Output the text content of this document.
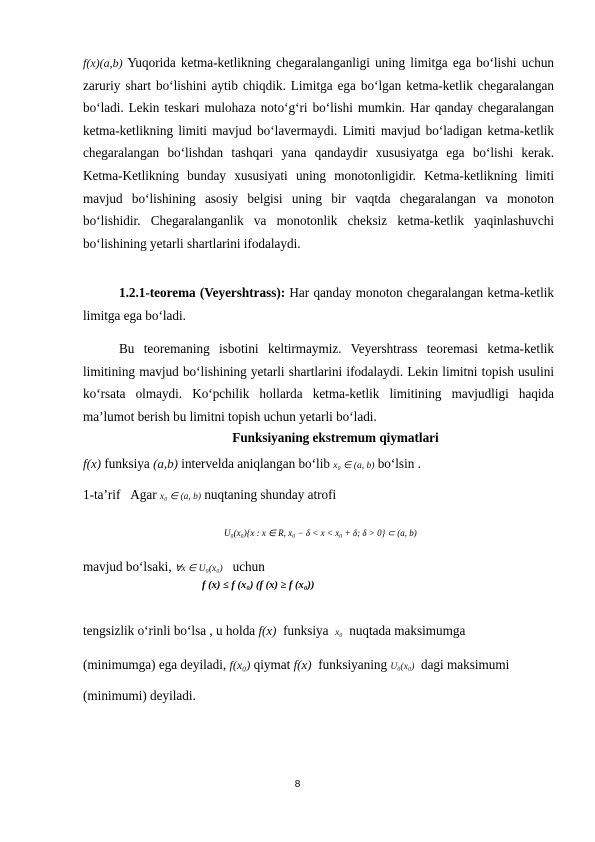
f(x)(a,b) Yuqorida ketma-ketlikning chegaralanganligi uning limitga ega bo‘lishi uchun zaruriy shart bo‘lishini aytib chiqdik. Limitga ega bo‘lgan ketma-ketlik chegaralangan bo‘ladi. Lekin teskari mulohaza noto‘g‘ri bo‘lishi mumkin. Har qanday chegaralangan ketma-ketlikning limiti mavjud bo‘lavermaydi. Limiti mavjud bo‘ladigan ketma-ketlik chegaralangan bo‘lishdan tashqari yana qandaydir xususiyatga ega bo‘lishi kerak. Ketma-Ketlikning bunday xususiyati uning monotonligidir. Ketma-ketlikning limiti mavjud bo‘lishining asosiy belgisi uning bir vaqtda chegaralangan va monoton bo‘lishidir. Chegaralanganlik va monotonlik cheksiz ketma-ketlik yaqinlashuvchi bo‘lishining yetarli shartlarini ifodalaydi.
1.2.1-teorema (Veyershtrass): Har qanday monoton chegaralangan ketma-ketlik limitga ega bo‘ladi.
Bu teoremaning isbotini keltirmaymiz. Veyershtrass teoremasi ketma-ketlik limitining mavjud bo‘lishining yetarli shartlarini ifodalaydi. Lekin limitni topish usulini ko‘rsata olmaydi. Ko‘pchilik hollarda ketma-ketlik limitining mavjudligi haqida ma’lumot berish bu limitni topish uchun yetarli bo‘ladi.
Funksiyaning ekstremum qiymatlari
f(x) funksiya (a,b) intervelda aniqlangan bo‘lib x₀ ∈ (a, b) bo‘lsin .
1-ta’rif Agar x₀ ∈ (a, b) nuqtaning shunday atrofi
U₀(x₀){x : x ∈ R, x₀ − δ < x < x₀ + δ; δ > 0} ⊂ (a, b)
mavjud bo‘lsaki, ∀x ∈ U₀(x₀)   uchun
f (x) ≤ f (x₀) (f (x) ≥ f (x₀))
tengsizlik o‘rinli bo‘lsa , u holda f(x)  funksiya  x₀  nuqtada maksimumga
(minimumga) ega deyiladi, f(x₀) qiymat f(x)  funksiyaning U₀(x₀)  dagi maksimumi
(minimumi) deyiladi.
8
